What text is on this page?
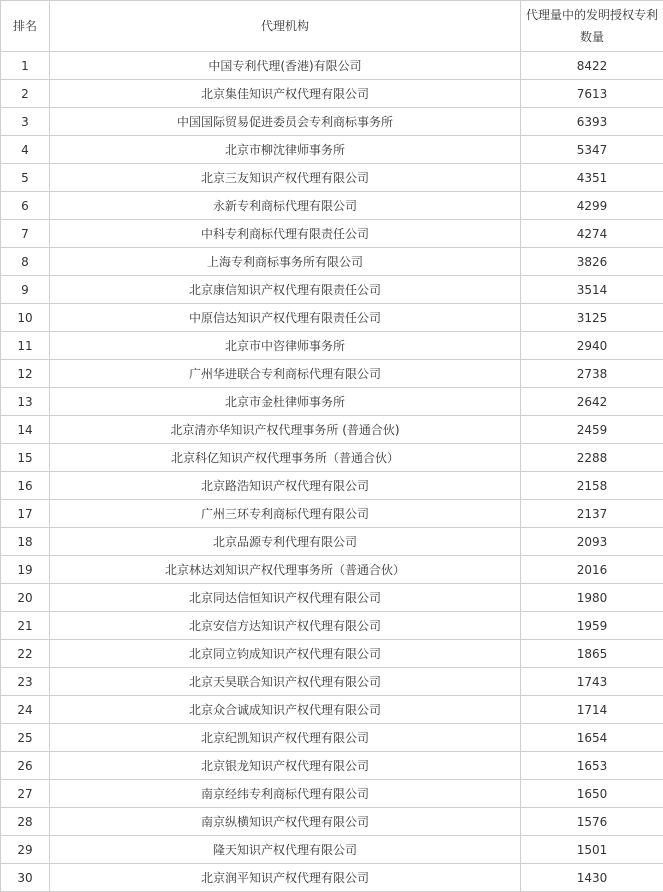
排名	代理机构	代理量中的发明授权专利数量
1	中国专利代理(香港)有限公司	8422
2	北京集佳知识产权代理有限公司	7613
3	中国国际贸易促进委员会专利商标事务所	6393
4	北京市柳沈律师事务所	5347
5	北京三友知识产权代理有限公司	4351
6	永新专利商标代理有限公司	4299
7	中科专利商标代理有限责任公司	4274
8	上海专利商标事务所有限公司	3826
9	北京康信知识产权代理有限责任公司	3514
10	中原信达知识产权代理有限责任公司	3125
11	北京市中咨律师事务所	2940
12	广州华进联合专利商标代理有限公司	2738
13	北京市金杜律师事务所	2642
14	北京清亦华知识产权代理事务所 (普通合伙)	2459
15	北京科亿知识产权代理事务所（普通合伙）	2288
16	北京路浩知识产权代理有限公司	2158
17	广州三环专利商标代理有限公司	2137
18	北京品源专利代理有限公司	2093
19	北京林达刘知识产权代理事务所（普通合伙）	2016
20	北京同达信恒知识产权代理有限公司	1980
21	北京安信方达知识产权代理有限公司	1959
22	北京同立钧成知识产权代理有限公司	1865
23	北京天昊联合知识产权代理有限公司	1743
24	北京众合诚成知识产权代理有限公司	1714
25	北京纪凯知识产权代理有限公司	1654
26	北京银龙知识产权代理有限公司	1653
27	南京经纬专利商标代理有限公司	1650
28	南京纵横知识产权代理有限公司	1576
29	隆天知识产权代理有限公司	1501
30	北京润平知识产权代理有限公司	1430
